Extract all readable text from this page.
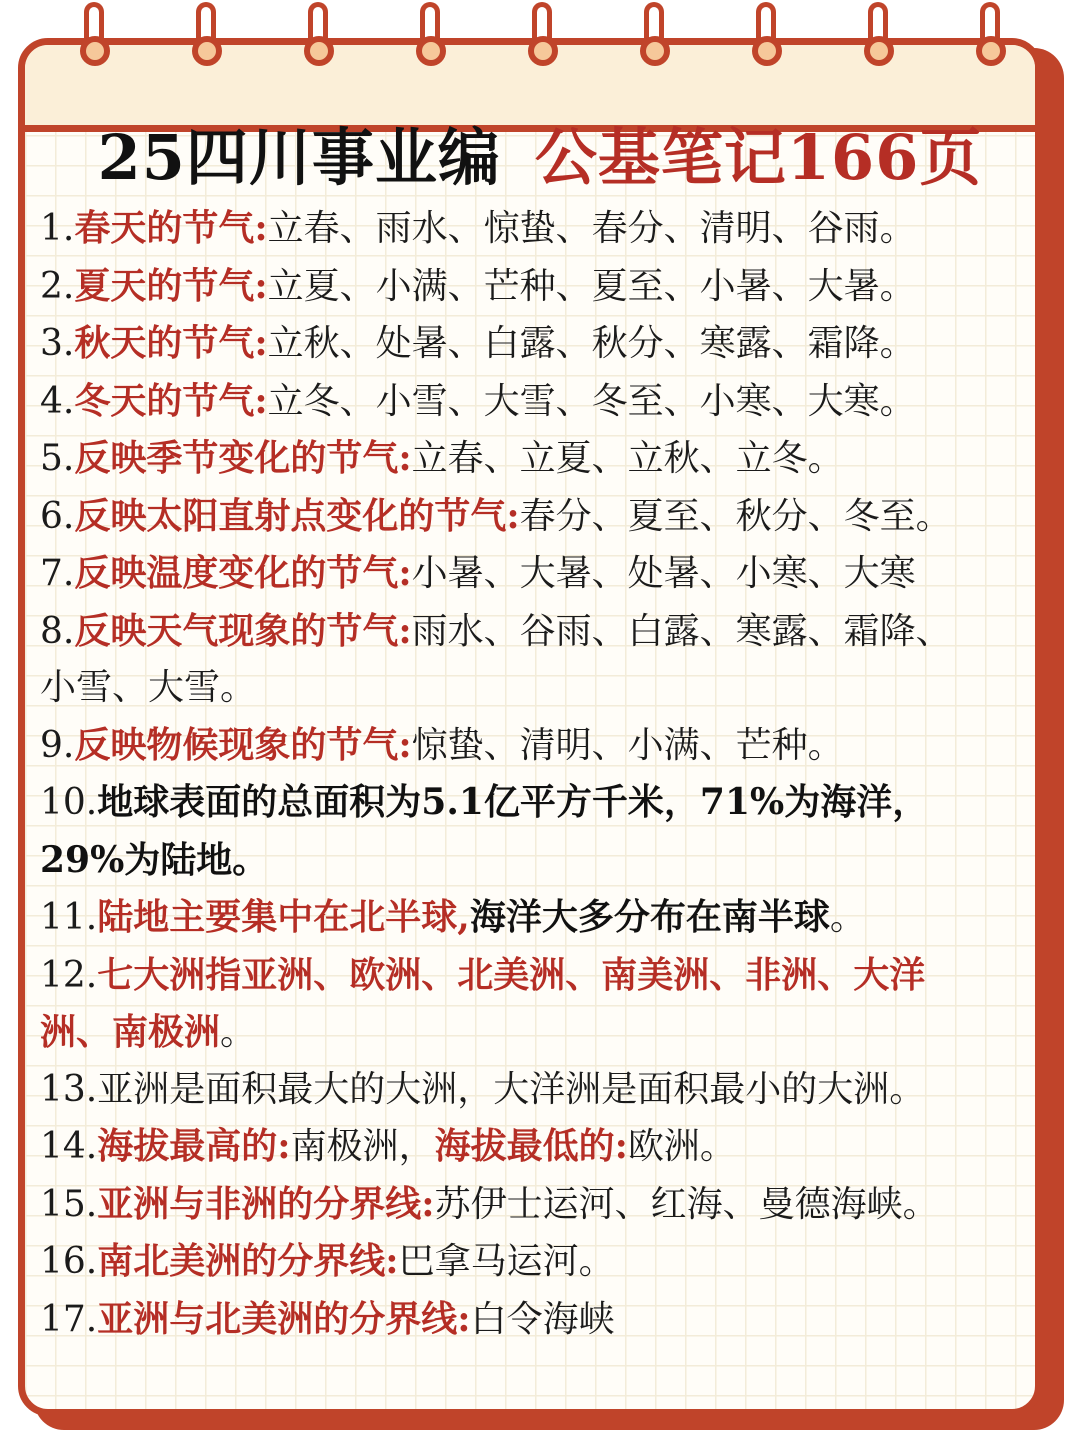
25四川事业编 公基笔记166页
1.春天的节气:立春、雨水、惊蛰、春分、清明、谷雨。
2.夏天的节气:立夏、小满、芒种、夏至、小暑、大暑。
3.秋天的节气:立秋、处暑、白露、秋分、寒露、霜降。
4.冬天的节气:立冬、小雪、大雪、冬至、小寒、大寒。
5.反映季节变化的节气:立春、立夏、立秋、立冬。
6.反映太阳直射点变化的节气:春分、夏至、秋分、冬至。
7.反映温度变化的节气:小暑、大暑、处暑、小寒、大寒
8.反映天气现象的节气:雨水、谷雨、白露、寒露、霜降、
小雪、大雪。
9.反映物候现象的节气:惊蛰、清明、小满、芒种。
10.地球表面的总面积为5.1亿平方千米，71%为海洋，
29%为陆地。
11.陆地主要集中在北半球,海洋大多分布在南半球。
12.七大洲指亚洲、欧洲、北美洲、南美洲、非洲、大洋
洲、南极洲。
13.亚洲是面积最大的大洲，大洋洲是面积最小的大洲。
14.海拔最高的:南极洲，海拔最低的:欧洲。
15.亚洲与非洲的分界线:苏伊士运河、红海、曼德海峡。
16.南北美洲的分界线:巴拿马运河。
17.亚洲与北美洲的分界线:白令海峡
